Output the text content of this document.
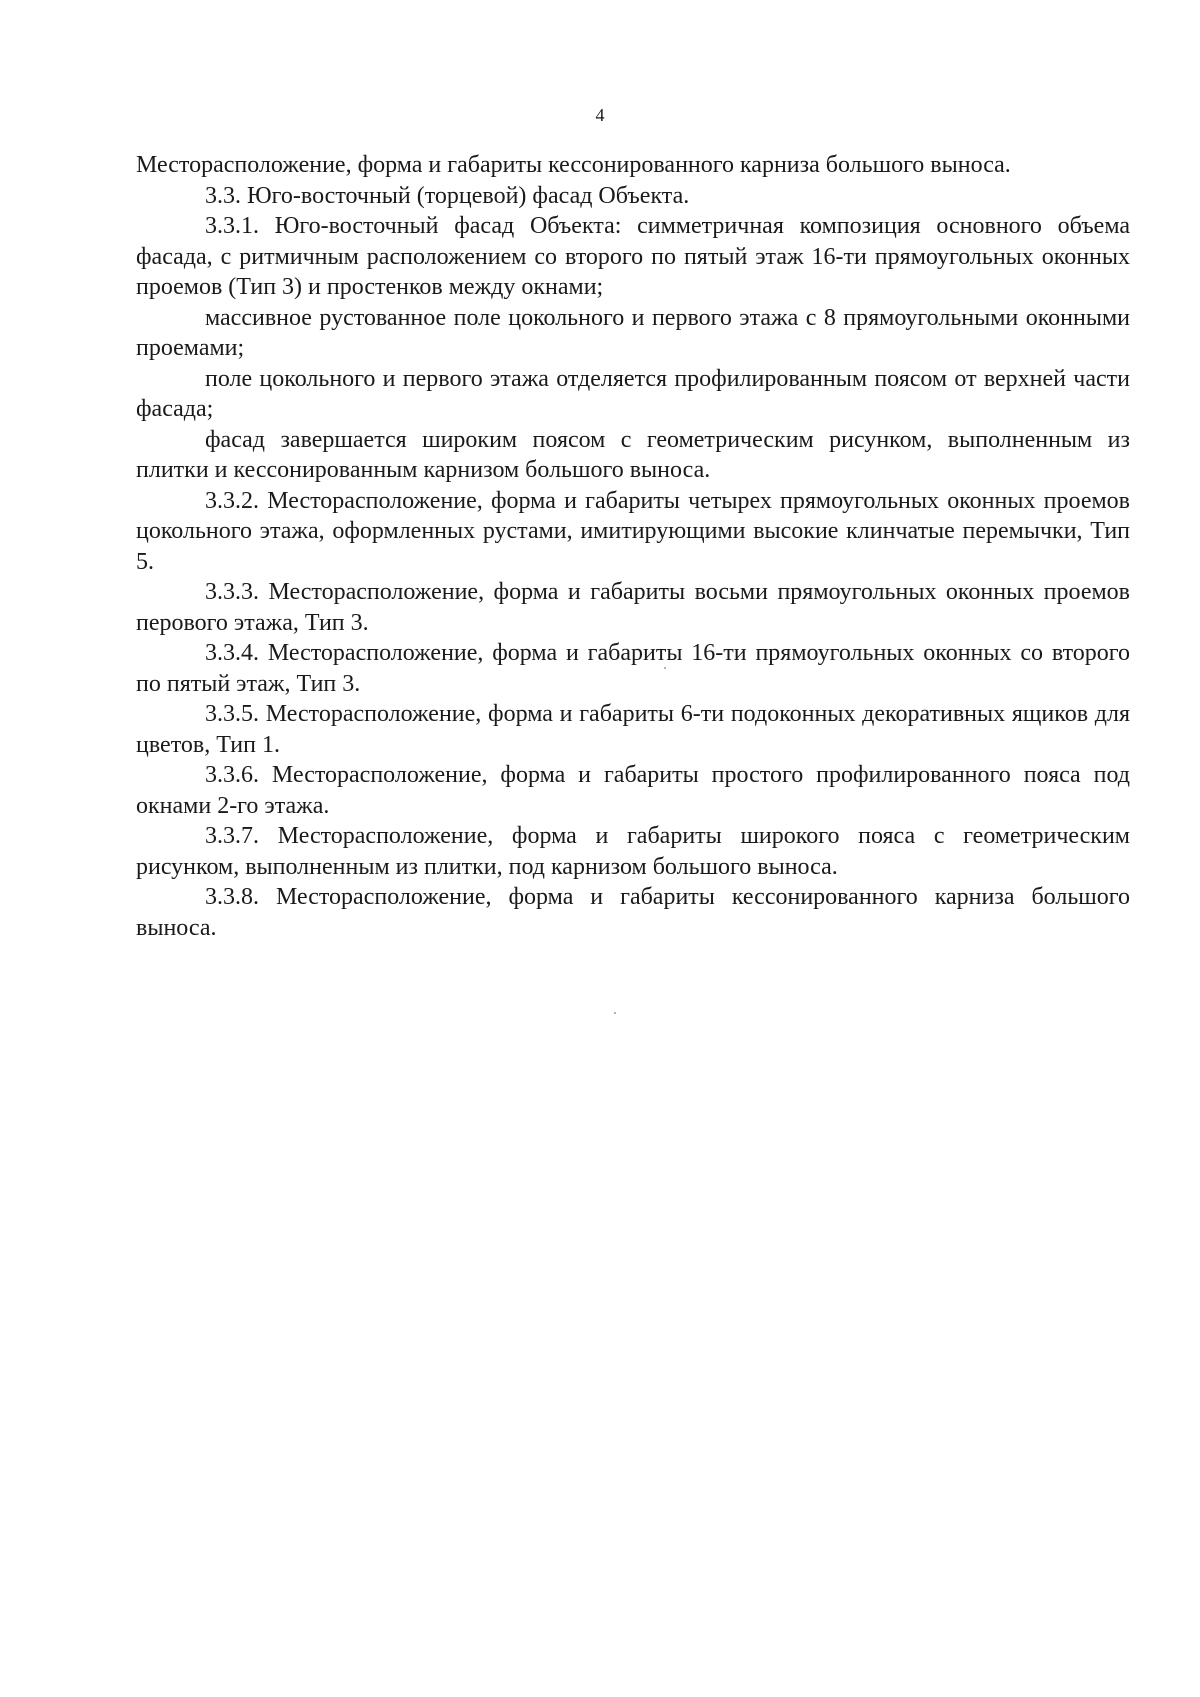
4

Месторасположение, форма и габариты кессонированного карниза большого выноса.

3.3. Юго-восточный (торцевой) фасад Объекта.

3.3.1. Юго-восточный фасад Объекта: симметричная композиция основного объема фасада, с ритмичным расположением со второго по пятый этаж 16-ти прямоугольных оконных проемов (Тип 3) и простенков между окнами;

массивное рустованное поле цокольного и первого этажа с 8 прямоугольными оконными проемами;

поле цокольного и первого этажа отделяется профилированным поясом от верхней части фасада;

фасад завершается широким поясом с геометрическим рисунком, выполненным из плитки и кессонированным карнизом большого выноса.

3.3.2. Месторасположение, форма и габариты четырех прямоугольных оконных проемов цокольного этажа, оформленных рустами, имитирующими высокие клинчатые перемычки, Тип 5.

3.3.3. Месторасположение, форма и габариты восьми прямоугольных оконных проемов перового этажа, Тип 3.

3.3.4. Месторасположение, форма и габариты 16-ти прямоугольных оконных со второго по пятый этаж, Тип 3.

3.3.5. Месторасположение, форма и габариты 6-ти подоконных декоративных ящиков для цветов, Тип 1.

3.3.6. Месторасположение, форма и габариты простого профилированного пояса под окнами 2-го этажа.

3.3.7. Месторасположение, форма и габариты широкого пояса с геометрическим рисунком, выполненным из плитки, под карнизом большого выноса.

3.3.8. Месторасположение, форма и габариты кессонированного карниза большого выноса.
